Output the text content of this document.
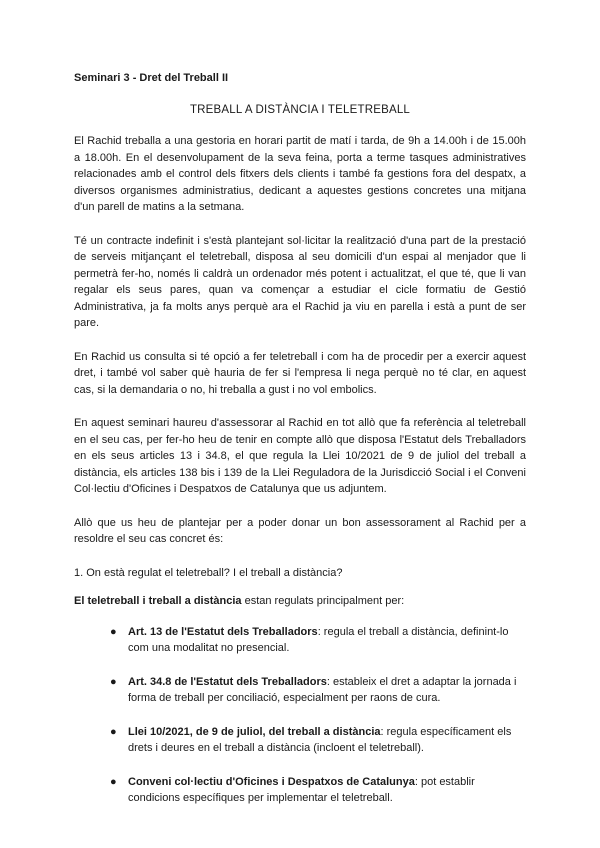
Seminari 3 - Dret del Treball II
TREBALL A DISTÀNCIA I TELETREBALL

El Rachid treballa a una gestoria en horari partit de matí i tarda, de 9h a 14.00h i de 15.00h a 18.00h. En el desenvolupament de la seva feina, porta a terme tasques administratives relacionades amb el control dels fitxers dels clients i també fa gestions fora del despatx, a diversos organismes administratius, dedicant a aquestes gestions concretes una mitjana d'un parell de matins a la setmana.

Té un contracte indefinit i s'està plantejant sol·licitar la realització d'una part de la prestació de serveis mitjançant el teletreball, disposa al seu domicili d'un espai al menjador que li permetrà fer-ho, només li caldrà un ordenador més potent i actualitzat, el que té, que li van regalar els seus pares, quan va començar a estudiar el cicle formatiu de Gestió Administrativa, ja fa molts anys perquè ara el Rachid ja viu en parella i està a punt de ser pare.

En Rachid us consulta si té opció a fer teletreball i com ha de procedir per a exercir aquest dret, i també vol saber què hauria de fer si l'empresa li nega perquè no té clar, en aquest cas, si la demandaria o no, hi treballa a gust i no vol embolics.

En aquest seminari haureu d'assessorar al Rachid en tot allò que fa referència al teletreball en el seu cas, per fer-ho heu de tenir en compte allò que disposa l'Estatut dels Treballadors en els seus articles 13 i 34.8, el que regula la Llei 10/2021 de 9 de juliol del treball a distància, els articles 138 bis i 139 de la Llei Reguladora de la Jurisdicció Social i el Conveni Col·lectiu d'Oficines i Despatxos de Catalunya que us adjuntem.

Allò que us heu de plantejar per a poder donar un bon assessorament al Rachid per a resoldre el seu cas concret és:

1. On està regulat el teletreball? I el treball a distància?
El teletreball i treball a distància estan regulats principalment per:
● Art. 13 de l'Estatut dels Treballadors: regula el treball a distància, definint-lo com una modalitat no presencial.
● Art. 34.8 de l'Estatut dels Treballadors: estableix el dret a adaptar la jornada i forma de treball per conciliació, especialment per raons de cura.
● Llei 10/2021, de 9 de juliol, del treball a distància: regula específicament els drets i deures en el treball a distància (incloent el teletreball).
● Conveni col·lectiu d'Oficines i Despatxos de Catalunya: pot establir condicions específiques per implementar el teletreball.
